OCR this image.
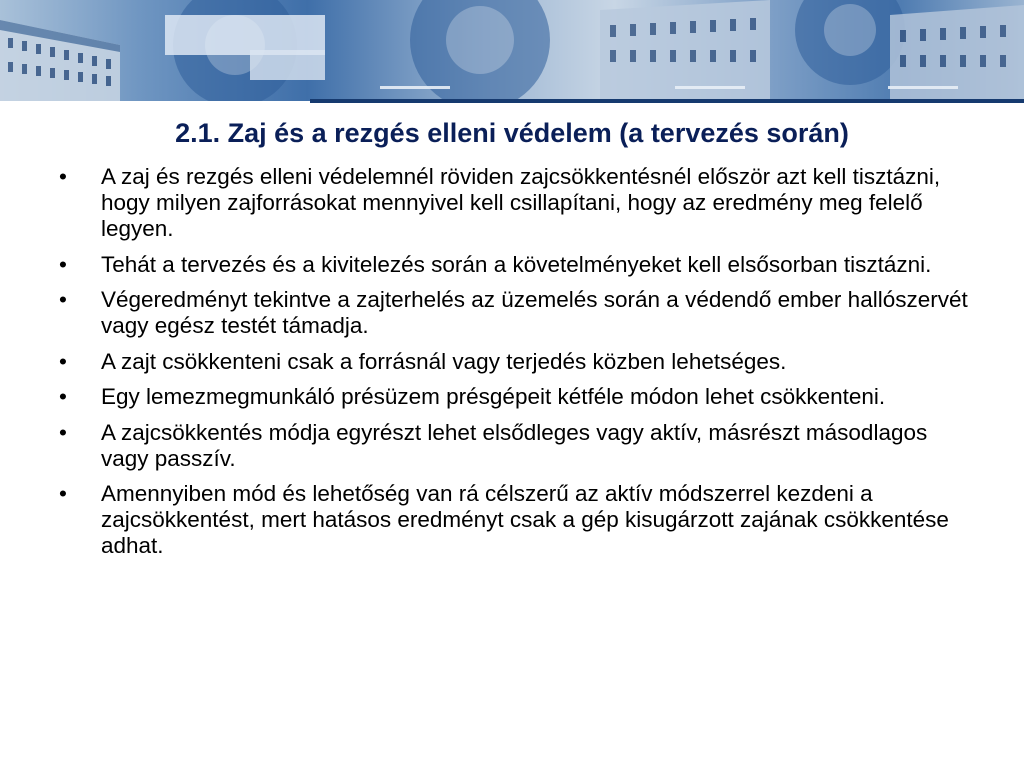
2.1. Zaj és a rezgés elleni védelem (a tervezés során)
• A zaj és rezgés elleni védelemnél röviden zajcsökkentésnél először azt kell tisztázni, hogy milyen zajforrásokat mennyivel kell csillapítani, hogy az eredmény meg felelő legyen.
• Tehát a tervezés és a kivitelezés során a követelményeket kell elsősorban tisztázni.
• Végeredményt tekintve a zajterhelés az üzemelés során a védendő ember hallószervét vagy egész testét támadja.
• A zajt csökkenteni csak a forrásnál vagy terjedés közben lehetséges.
• Egy lemezmegmunkáló présüzem présgépeit kétféle módon lehet csökkenteni.
• A zajcsökkentés módja egyrészt lehet elsődleges vagy aktív, másrészt másodlagos vagy passzív.
• Amennyiben mód és lehetőség van rá célszerű az aktív módszerrel kezdeni a zajcsökkentést, mert hatásos eredményt csak a gép kisugárzott zajának csökkentése adhat.
